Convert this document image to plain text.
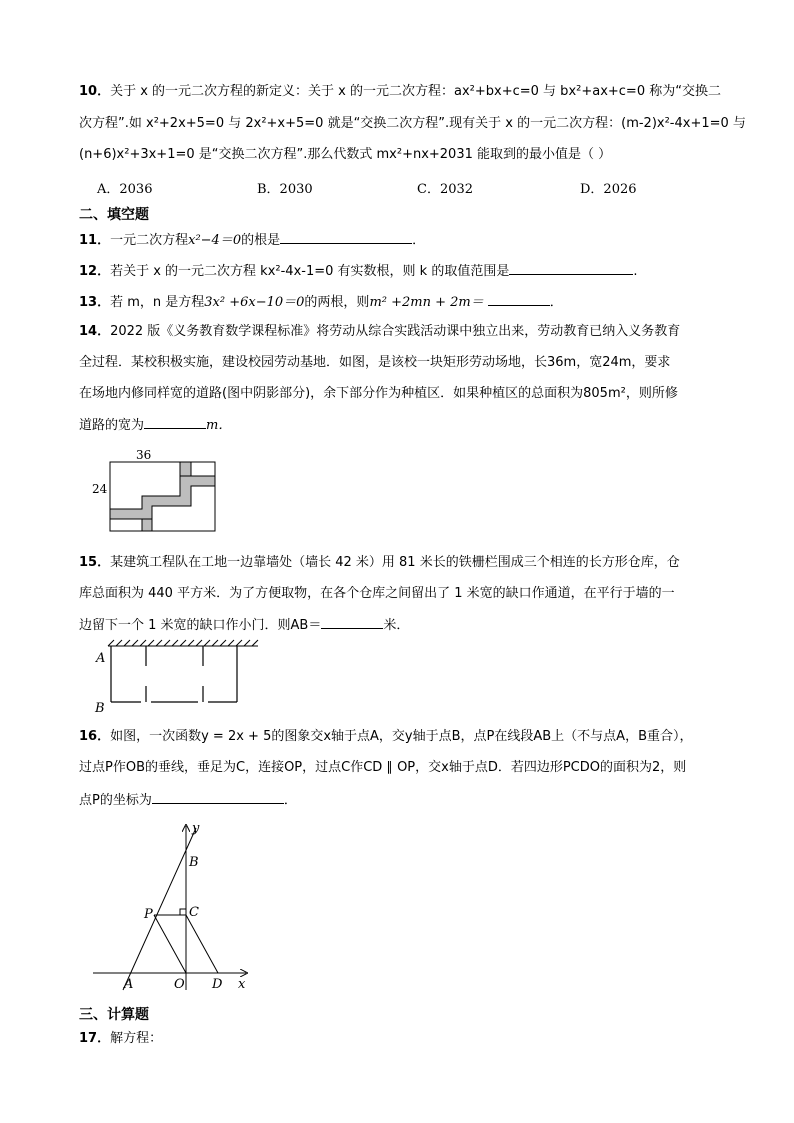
10．关于 x 的一元二次方程的新定义：关于 x 的一元二次方程：ax²+bx+c=0 与 bx²+ax+c=0 称为“交换二
次方程”.如 x²+2x+5=0 与 2x²+x+5=0 就是“交换二次方程”.现有关于 x 的一元二次方程：(m-2)x²-4x+1=0 与
(n+6)x²+3x+1=0 是“交换二次方程”.那么代数式 mx²+nx+2031 能取到的最小值是（ ）
A．2036	B．2030	C．2032	D．2026
二、填空题
11．一元二次方程x²−4＝0的根是	．
12．若关于 x 的一元二次方程 kx²-4x-1=0 有实数根，则 k 的取值范围是	.
13．若 m，n 是方程3x² +6x−10＝0的两根，则m² +2mn + 2m＝	．
14．2022 版《义务教育数学课程标准》将劳动从综合实践活动课中独立出来，劳动教育已纳入义务教育
全过程．某校积极实施，建设校园劳动基地．如图，是该校一块矩形劳动场地，长36m，宽24m，要求
在场地内修同样宽的道路(图中阴影部分)，余下部分作为种植区．如果种植区的总面积为805m²，则所修
道路的宽为	m．
36
24
15．某建筑工程队在工地一边靠墙处（墙长 42 米）用 81 米长的铁栅栏围成三个相连的长方形仓库，仓
库总面积为 440 平方米．为了方便取物，在各个仓库之间留出了 1 米宽的缺口作通道，在平行于墙的一
边留下一个 1 米宽的缺口作小门．则AB＝	米．
A
B
16．如图，一次函数y = 2x + 5的图象交x轴于点A，交y轴于点B，点P在线段AB上（不与点A，B重合），
过点P作OB的垂线，垂足为C，连接OP，过点C作CD ∥ OP，交x轴于点D．若四边形PCDO的面积为2，则
点P的坐标为	．
y
B
P	C
A	O D x
三、计算题
17．解方程：
